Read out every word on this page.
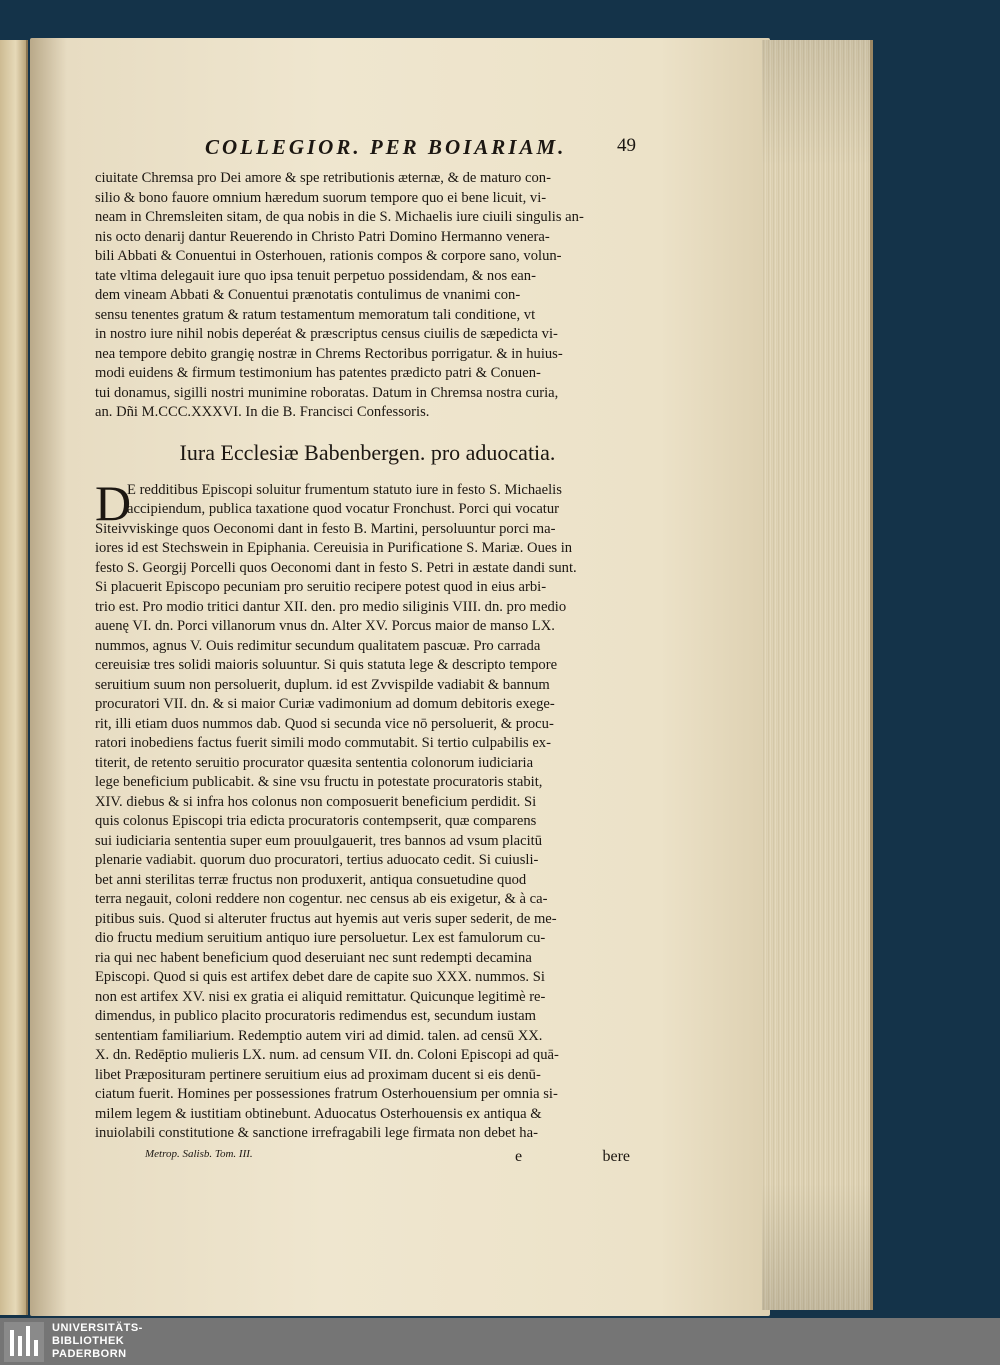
COLLEGIOR. PER BOIARIAM.	49
ciuitate Chremsa pro Dei amore & spe retributionis æternæ, & de maturo con-
silio & bono fauore omnium hæredum suorum tempore quo ei bene licuit, vi-
neam in Chremsleiten sitam, de qua nobis in die S. Michaelis iure ciuili singulis an-
nis octo denarij dantur Reuerendo in Christo Patri Domino Hermanno venera-
bili Abbati & Conuentui in Osterhouen, rationis compos & corpore sano, volun-
tate vltima delegauit iure quo ipsa tenuit perpetuo possidendam, & nos ean-
dem vineam Abbati & Conuentui prænotatis contulimus de vnanimi con-
sensu tenentes gratum & ratum testamentum memoratum tali conditione, vt
in nostro iure nihil nobis deperéat & præscriptus census ciuilis de sæpedicta vi-
nea tempore debito grangię nostræ in Chrems Rectoribus porrigatur. & in huius-
modi euidens & firmum testimonium has patentes prædicto patri & Conuen-
tui donamus, sigilli nostri munimine roboratas. Datum in Chremsa nostra curia,
an. Dñi M.CCC.XXXVI. In die B. Francisci Confessoris.
Iura Ecclesiæ Babenbergen. pro aduocatia.
D
E redditibus Episcopi soluitur frumentum statuto iure in festo S. Michaelis
accipiendum, publica taxatione quod vocatur Fronchust. Porci qui vocatur
Siteivviskinge quos Oeconomi dant in festo B. Martini, persoluuntur porci ma-
iores id est Stechswein in Epiphania. Cereuisia in Purificatione S. Mariæ. Oues in
festo S. Georgij Porcelli quos Oeconomi dant in festo S. Petri in æstate dandi sunt.
Si placuerit Episcopo pecuniam pro seruitio recipere potest quod in eius arbi-
trio est. Pro modio tritici dantur XII. den. pro medio siliginis VIII. dn. pro medio
auenę VI. dn. Porci villanorum vnus dn. Alter XV. Porcus maior de manso LX.
nummos, agnus V. Ouis redimitur secundum qualitatem pascuæ. Pro carrada
cereuisiæ tres solidi maioris soluuntur. Si quis statuta lege & descripto tempore
seruitium suum non persoluerit, duplum. id est Zvvispilde vadiabit & bannum
procuratori VII. dn. & si maior Curiæ vadimonium ad domum debitoris exege-
rit, illi etiam duos nummos dab. Quod si secunda vice nō persoluerit, & procu-
ratori inobediens factus fuerit simili modo commutabit. Si tertio culpabilis ex-
titerit, de retento seruitio procurator quæsita sententia colonorum iudiciaria
lege beneficium publicabit. & sine vsu fructu in potestate procuratoris stabit,
XIV. diebus & si infra hos colonus non composuerit beneficium perdidit. Si
quis colonus Episcopi tria edicta procuratoris contempserit, quæ comparens
sui iudiciaria sententia super eum prouulgauerit, tres bannos ad vsum placitū
plenarie vadiabit. quorum duo procuratori, tertius aduocato cedit. Si cuiusli-
bet anni sterilitas terræ fructus non produxerit, antiqua consuetudine quod
terra negauit, coloni reddere non cogentur. nec census ab eis exigetur, & à ca-
pitibus suis. Quod si alteruter fructus aut hyemis aut veris super sederit, de me-
dio fructu medium seruitium antiquo iure persoluetur. Lex est famulorum cu-
ria qui nec habent beneficium quod deseruiant nec sunt redempti decamina
Episcopi. Quod si quis est artifex debet dare de capite suo XXX. nummos. Si
non est artifex XV. nisi ex gratia ei aliquid remittatur. Quicunque legitimè re-
dimendus, in publico placito procuratoris redimendus est, secundum iustam
sententiam familiarium. Redemptio autem viri ad dimid. talen. ad censū XX.
X. dn. Redēptio mulieris LX. num. ad censum VII. dn. Coloni Episcopi ad quā-
libet Præposituram pertinere seruitium eius ad proximam ducent si eis denū-
ciatum fuerit. Homines per possessiones fratrum Osterhouensium per omnia si-
milem legem & iustitiam obtinebunt. Aduocatus Osterhouensis ex antiqua &
inuiolabili constitutione & sanctione irrefragabili lege firmata non debet ha-
Metrop. Salisb. Tom. III.	e	bere
UNIVERSITÄTS-
BIBLIOTHEK
PADERBORN
